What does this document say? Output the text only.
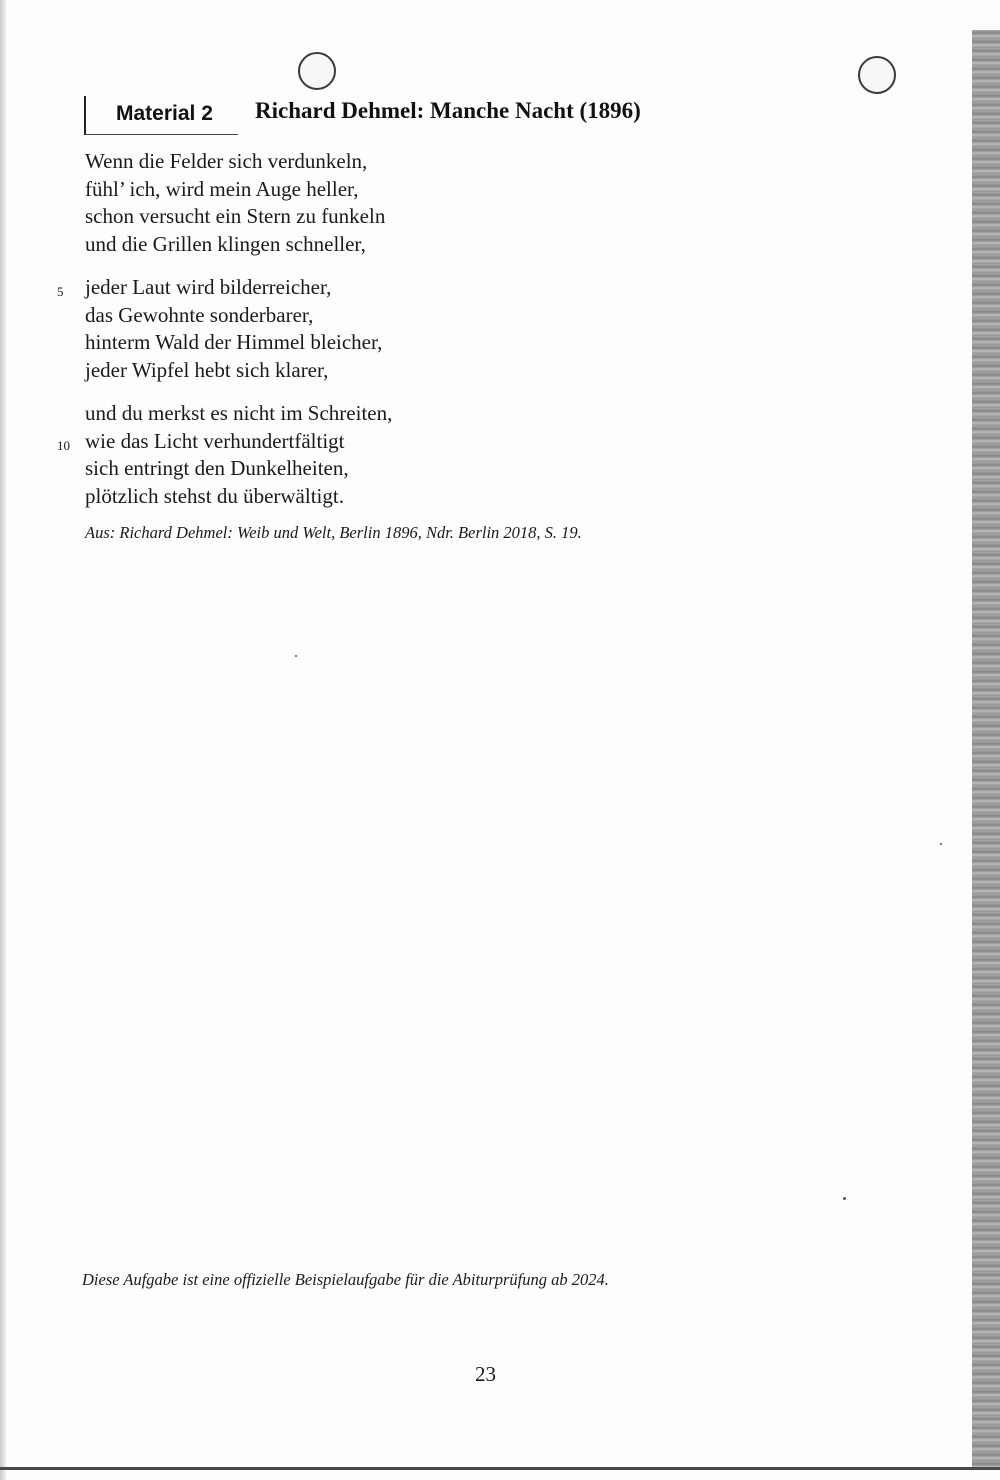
Material 2 Richard Dehmel: Manche Nacht (1896)
Wenn die Felder sich verdunkeln,
fühl’ ich, wird mein Auge heller,
schon versucht ein Stern zu funkeln
und die Grillen klingen schneller,
5	jeder Laut wird bilderreicher,
das Gewohnte sonderbarer,
hinterm Wald der Himmel bleicher,
jeder Wipfel hebt sich klarer,
und du merkst es nicht im Schreiten,
10 wie das Licht verhundertfältigt
sich entringt den Dunkelheiten,
plötzlich stehst du überwältigt.
Aus: Richard Dehmel: Weib und Welt, Berlin 1896, Ndr. Berlin 2018, S. 19.
Diese Aufgabe ist eine offizielle Beispielaufgabe für die Abiturprüfung ab 2024.
23
